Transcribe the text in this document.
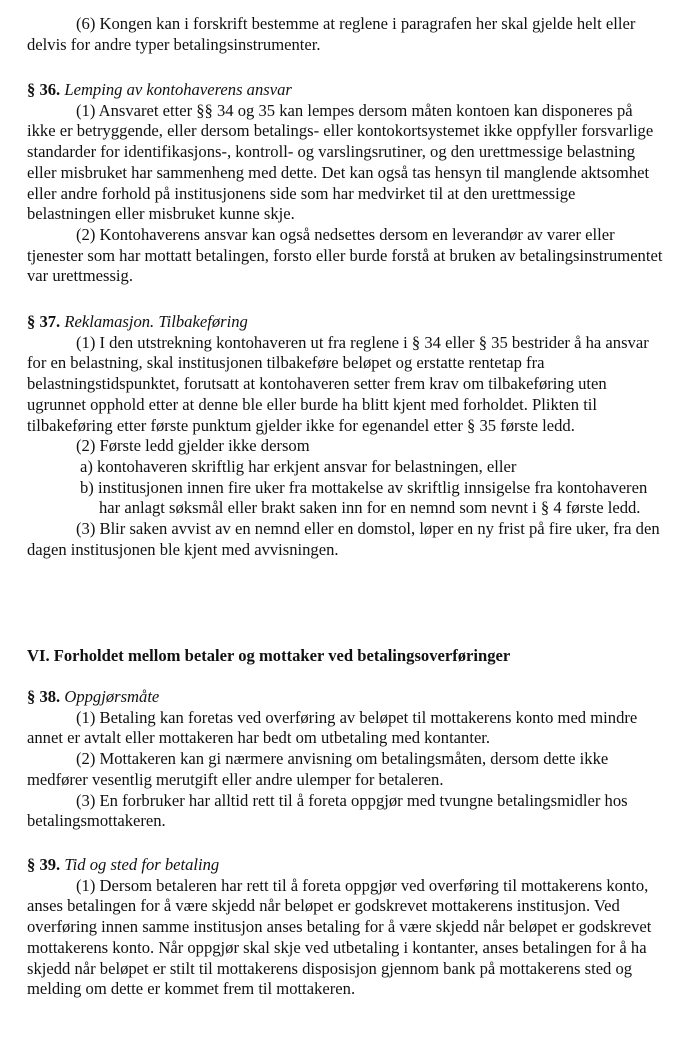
(6) Kongen kan i forskrift bestemme at reglene i paragrafen her skal gjelde helt eller delvis for andre typer betalingsinstrumenter.

§ 36. Lemping av kontohaverens ansvar

(1) Ansvaret etter §§ 34 og 35 kan lempes dersom måten kontoen kan disponeres på ikke er betryggende, eller dersom betalings- eller kontokortsystemet ikke oppfyller forsvarlige standarder for identifikasjons-, kontroll- og varslingsrutiner, og den urettmessige belastning eller misbruket har sammenheng med dette. Det kan også tas hensyn til manglende aktsomhet eller andre forhold på institusjonens side som har medvirket til at den urettmessige belastningen eller misbruket kunne skje.

(2) Kontohaverens ansvar kan også nedsettes dersom en leverandør av varer eller tjenester som har mottatt betalingen, forsto eller burde forstå at bruken av betalingsinstrumentet var urettmessig.

§ 37. Reklamasjon. Tilbakeføring

(1) I den utstrekning kontohaveren ut fra reglene i § 34 eller § 35 bestrider å ha ansvar for en belastning, skal institusjonen tilbakeføre beløpet og erstatte rentetap fra belastningstidspunktet, forutsatt at kontohaveren setter frem krav om tilbakeføring uten ugrunnet opphold etter at denne ble eller burde ha blitt kjent med forholdet. Plikten til tilbakeføring etter første punktum gjelder ikke for egenandel etter § 35 første ledd.

(2) Første ledd gjelder ikke dersom

a) kontohaveren skriftlig har erkjent ansvar for belastningen, eller

b) institusjonen innen fire uker fra mottakelse av skriftlig innsigelse fra kontohaveren har anlagt søksmål eller brakt saken inn for en nemnd som nevnt i § 4 første ledd.

(3) Blir saken avvist av en nemnd eller en domstol, løper en ny frist på fire uker, fra den dagen institusjonen ble kjent med avvisningen.

VI. Forholdet mellom betaler og mottaker ved betalingsoverføringer

§ 38. Oppgjørsmåte

(1) Betaling kan foretas ved overføring av beløpet til mottakerens konto med mindre annet er avtalt eller mottakeren har bedt om utbetaling med kontanter.

(2) Mottakeren kan gi nærmere anvisning om betalingsmåten, dersom dette ikke medfører vesentlig merutgift eller andre ulemper for betaleren.

(3) En forbruker har alltid rett til å foreta oppgjør med tvungne betalingsmidler hos betalingsmottakeren.

§ 39. Tid og sted for betaling

(1) Dersom betaleren har rett til å foreta oppgjør ved overføring til mottakerens konto, anses betalingen for å være skjedd når beløpet er godskrevet mottakerens institusjon. Ved overføring innen samme institusjon anses betaling for å være skjedd når beløpet er godskrevet mottakerens konto. Når oppgjør skal skje ved utbetaling i kontanter, anses betalingen for å ha skjedd når beløpet er stilt til mottakerens disposisjon gjennom bank på mottakerens sted og melding om dette er kommet frem til mottakeren.
